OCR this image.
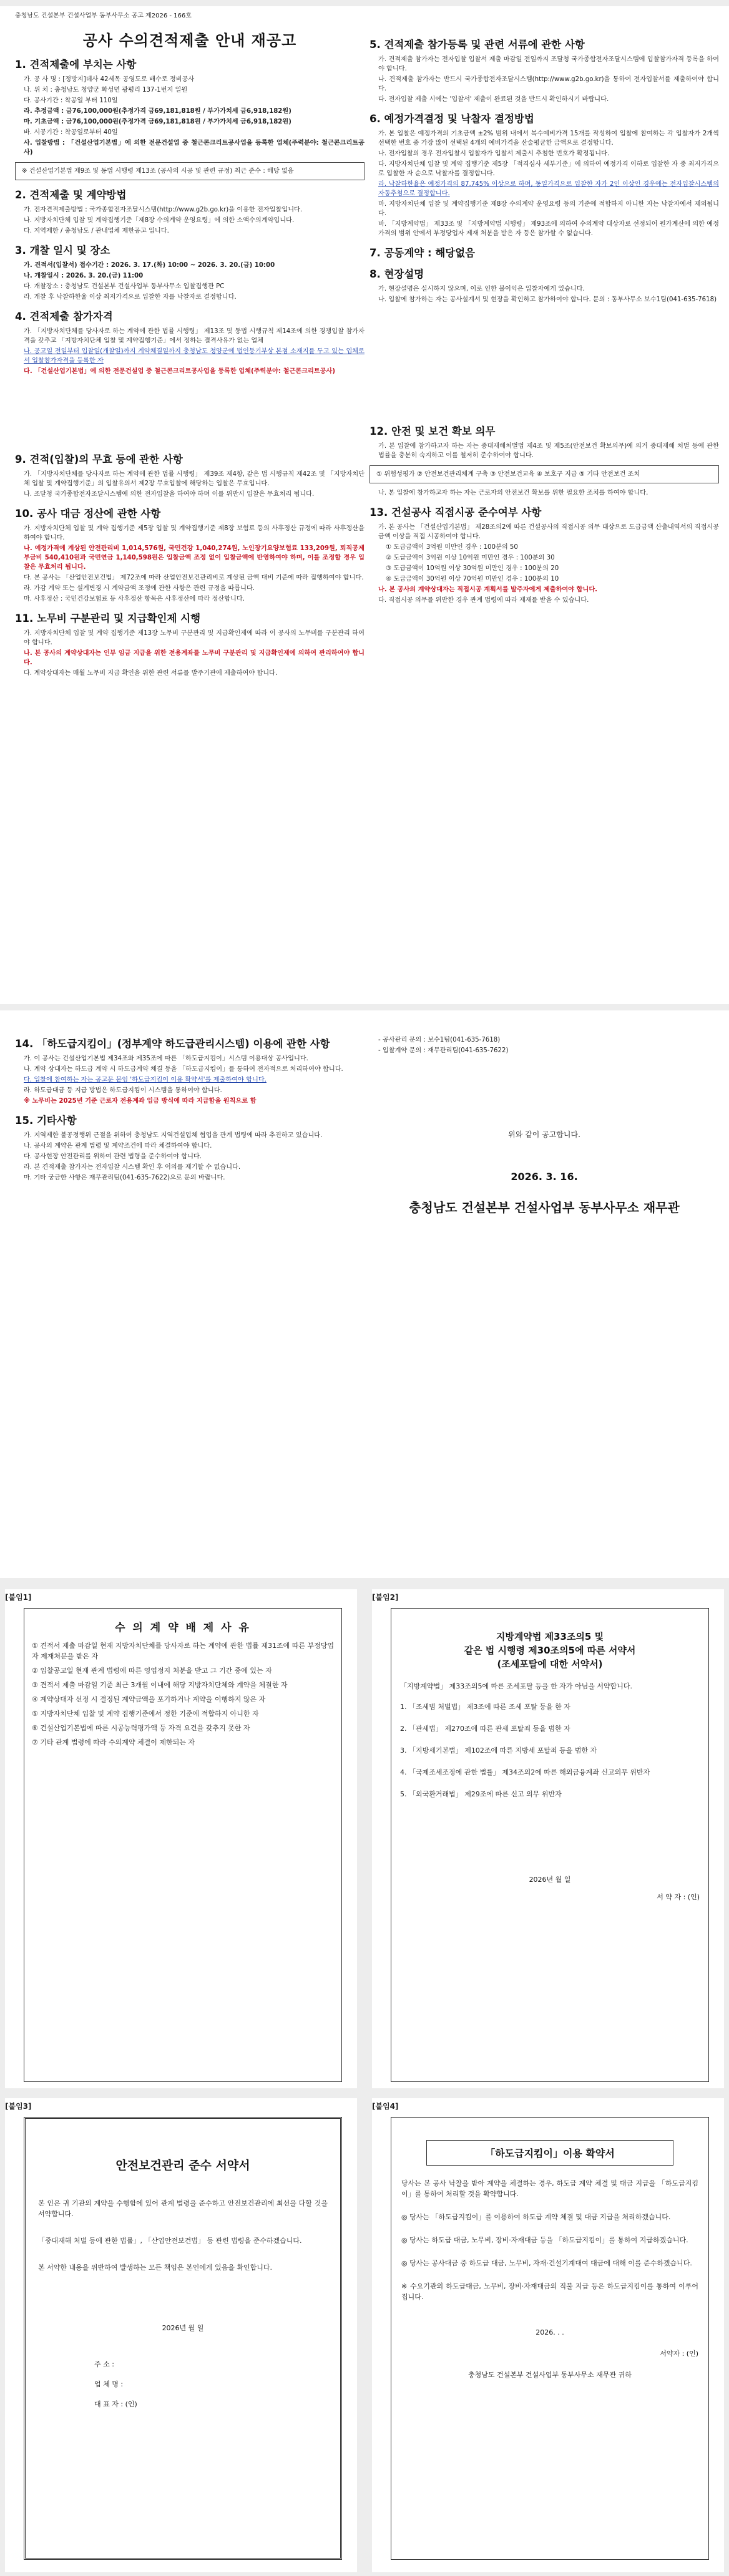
충청남도 건설본부 건설사업부 동부사무소 공고 제2026 - 166호
공사 수의견적제출 안내 재공고
1. 견적제출에 부치는 사항
가. 공 사 명 : [정방지]데사 42세목 공영도로 배수로 정비공사
나. 위 치 : 충청남도 청양군 화성면 광평리 137-1번지 일원
다. 공사기간 : 착공일 부터 110일
라. 추정금액 : 금76,100,000원(추정가격 금69,181,818원 / 부가가치세 금6,918,182원)
마. 기초금액 : 금76,100,000원(추정가격 금69,181,818원 / 부가가치세 금6,918,182원)
바. 시공기간 : 착공일로부터 40일
사. 입찰방법 : 「건설산업기본법」에 의한 전문건설업 중 철근콘크리트공사업을 등록한 업체(주력분야: 철근콘크리트공사)
※ 건설산업기본법 제9조 및 동법 시행령 제13조 (공사의 시공 및 관련 규정) 최근 준수 : 해당 없음
2. 견적제출 및 계약방법
가. 전자견적제출방법 : 국가종합전자조달시스템(http://www.g2b.go.kr)을 이용한 전자입찰입니다.
나. 지방자치단체 입찰 및 계약집행기준「제8장 수의계약 운영요령」에 의한 소액수의계약입니다.
다. 지역제한 / 충청남도 / 관내업체 제한공고 입니다.
3. 개찰 일시 및 장소
가. 견적서(입찰서) 접수기간 : 2026. 3. 17.(화) 10:00 ~ 2026. 3. 20.(금) 10:00
나. 개찰일시 : 2026. 3. 20.(금) 11:00
다. 개찰장소 : 충청남도 건설본부 건설사업부 동부사무소 입찰집행관 PC
라. 개찰 후 낙찰하한율 이상 최저가격으로 입찰한 자를 낙찰자로 결정합니다.
4. 견적제출 참가자격
가. 「지방자치단체를 당사자로 하는 계약에 관한 법률 시행령」 제13조 및 동법 시행규칙 제14조에 의한 경쟁입찰 참가자격을 갖추고 「지방자치단체 입찰 및 계약집행기준」에서 정하는 결격사유가 없는 업체
나. 공고일 전일부터 입찰일(개찰일)까지 계약체결일까지 충청남도 청양군에 법인등기부상 본점 소재지를 두고 있는 업체로서 입찰참가자격을 등록한 자
다. 「건설산업기본법」에 의한 전문건설업 중 철근콘크리트공사업을 등록한 업체(주력분야: 철근콘크리트공사)
9. 견적(입찰)의 무효 등에 관한 사항
가. 「지방자치단체를 당사자로 하는 계약에 관한 법률 시행령」 제39조 제4항, 같은 법 시행규칙 제42조 및 「지방자치단체 입찰 및 계약집행기준」의 입찰유의서 제2장 무효입찰에 해당하는 입찰은 무효입니다.
나. 조달청 국가종합전자조달시스템에 의한 전자입찰을 하여야 하며 이를 위반시 입찰은 무효처리 됩니다.
10. 공사 대금 정산에 관한 사항
가. 지방자치단체 입찰 및 계약 집행기준 제5장 입찰 및 계약집행기준 제8장 보험료 등의 사후정산 규정에 따라 사후정산을 하여야 합니다.
나. 예정가격에 계상된 안전관리비 1,014,576원, 국민건강 1,040,274원, 노인장기요양보험료 133,209원, 퇴직공제부금비 540,410원과 국민연금 1,140,598원은 입찰금액 조정 없이 입찰금액에 반영하여야 하며, 이를 조정할 경우 입찰은 무효처리 됩니다.
다. 본 공사는 「산업안전보건법」 제72조에 따라 산업안전보건관리비로 계상된 금액 대비 기준에 따라 집행하여야 합니다.
라. 가감 계약 또는 설계변경 시 계약금액 조정에 관한 사항은 관련 규정을 따릅니다.
마. 사후정산 : 국민건강보험료 등 사후정산 항목은 사후정산에 따라 정산합니다.
11. 노무비 구분관리 및 지급확인제 시행
가. 지방자치단체 입찰 및 계약 집행기준 제13장 노무비 구분관리 및 지급확인제에 따라 이 공사의 노무비를 구분관리 하여야 합니다.
나. 본 공사의 계약상대자는 인부 임금 지급을 위한 전용계좌를 노무비 구분관리 및 지급확인제에 의하여 관리하여야 합니다.
다. 계약상대자는 매월 노무비 지급 확인을 위한 관련 서류를 발주기관에 제출하여야 합니다.
5. 견적제출 참가등록 및 관련 서류에 관한 사항
가. 견적제출 참가자는 전자입찰 입찰서 제출 마감일 전일까지 조달청 국가종합전자조달시스템에 입찰참가자격 등록을 하여야 합니다.
나. 견적제출 참가자는 반드시 국가종합전자조달시스템(http://www.g2b.go.kr)을 통하여 전자입찰서를 제출하여야 합니다.
다. 전자입찰 제출 시에는 '입찰서' 제출이 완료된 것을 반드시 확인하시기 바랍니다.
6. 예정가격결정 및 낙찰자 결정방법
가. 본 입찰은 예정가격의 기초금액 ±2% 범위 내에서 복수예비가격 15개를 작성하여 입찰에 참여하는 각 입찰자가 2개씩 선택한 번호 중 가장 많이 선택된 4개의 예비가격을 산술평균한 금액으로 결정합니다.
나. 전자입찰의 경우 전자입찰시 입찰자가 입찰서 제출시 추첨한 번호가 확정됩니다.
다. 지방자치단체 입찰 및 계약 집행기준 제5장 「적격심사 세부기준」에 의하여 예정가격 이하로 입찰한 자 중 최저가격으로 입찰한 자 순으로 낙찰자를 결정합니다.
라. 낙찰하한율은 예정가격의 87.745% 이상으로 하며, 동일가격으로 입찰한 자가 2인 이상인 경우에는 전자입찰시스템의 자동추첨으로 결정합니다.
마. 지방자치단체 입찰 및 계약집행기준 제8장 수의계약 운영요령 등의 기준에 적합하지 아니한 자는 낙찰자에서 제외됩니다.
바. 「지방계약법」 제33조 및 「지방계약법 시행령」 제93조에 의하여 수의계약 대상자로 선정되어 원가계산에 의한 예정가격의 범위 안에서 부정당업자 제재 처분을 받은 자 등은 참가할 수 없습니다.
7. 공동계약 : 해당없음
8. 현장설명
가. 현장설명은 실시하지 않으며, 이로 인한 불이익은 입찰자에게 있습니다.
나. 입찰에 참가하는 자는 공사설계서 및 현장을 확인하고 참가하여야 합니다. 문의 : 동부사무소 보수1팀(041-635-7618)
12. 안전 및 보건 확보 의무
가. 본 입찰에 참가하고자 하는 자는 중대재해처벌법 제4조 및 제5조(안전보건 확보의무)에 의거 중대재해 처벌 등에 관한 법률을 충분히 숙지하고 이를 철저히 준수하여야 합니다.
① 위험성평가 ② 안전보건관리체계 구축 ③ 안전보건교육 ④ 보호구 지급 ⑤ 기타 안전보건 조치
나. 본 입찰에 참가하고자 하는 자는 근로자의 안전보건 확보를 위한 필요한 조치를 하여야 합니다.
13. 건설공사 직접시공 준수여부 사항
가. 본 공사는 「건설산업기본법」 제28조의2에 따른 건설공사의 직접시공 의무 대상으로 도급금액 산출내역서의 직접시공 금액 이상을 직접 시공하여야 합니다.
① 도급금액이 3억원 미만인 경우 : 100분의 50
② 도급금액이 3억원 이상 10억원 미만인 경우 : 100분의 30
③ 도급금액이 10억원 이상 30억원 미만인 경우 : 100분의 20
④ 도급금액이 30억원 이상 70억원 미만인 경우 : 100분의 10
나. 본 공사의 계약상대자는 직접시공 계획서를 발주자에게 제출하여야 합니다.
다. 직접시공 의무를 위반한 경우 관계 법령에 따라 제재를 받을 수 있습니다.
14. 「하도급지킴이」(정부계약 하도급관리시스템) 이용에 관한 사항
가. 이 공사는 건설산업기본법 제34조와 제35조에 따른 「하도급지킴이」시스템 이용대상 공사입니다.
나. 계약 상대자는 하도급 계약 시 하도급계약 체결 등을 「하도급지킴이」를 통하여 전자적으로 처리하여야 합니다.
다. 입찰에 참여하는 자는 공고문 붙임 '하도급지킴이 이용 확약서'를 제출하여야 합니다.
라. 하도급대금 등 지급 방법은 하도급지킴이 시스템을 통하여야 합니다.
※ 노무비는 2025년 기준 근로자 전용계좌 입금 방식에 따라 지급함을 원칙으로 함
15. 기타사항
가. 지역제한 불공정행위 근절을 위하여 충청남도 지역건설업체 협업을 관계 법령에 따라 추진하고 있습니다.
나. 공사의 계약은 관계 법령 및 계약조건에 따라 체결하여야 합니다.
다. 공사현장 안전관리를 위하여 관련 법령을 준수하여야 합니다.
라. 본 견적제출 참가자는 전자입찰 시스템 확인 후 이의를 제기할 수 없습니다.
마. 기타 궁금한 사항은 재무관리팀(041-635-7622)으로 문의 바랍니다.
- 공사관리 문의 : 보수1팀(041-635-7618)
- 입찰계약 문의 : 재무관리팀(041-635-7622)
위와 같이 공고합니다.
2026. 3. 16.
충청남도 건설본부 건설사업부 동부사무소 재무관
[붙임1]
수 의 계 약 배 제 사 유
① 견적서 제출 마감일 현재 지방자치단체를 당사자로 하는 계약에 관한 법률 제31조에 따른 부정당업자 제재처분을 받은 자
② 입찰공고일 현재 관계 법령에 따른 영업정지 처분을 받고 그 기간 중에 있는 자
③ 견적서 제출 마감일 기준 최근 3개월 이내에 해당 지방자치단체와 계약을 체결한 자
④ 계약상대자 선정 시 결정된 계약금액을 포기하거나 계약을 이행하지 않은 자
⑤ 지방자치단체 입찰 및 계약 집행기준에서 정한 기준에 적합하지 아니한 자
⑥ 건설산업기본법에 따른 시공능력평가액 등 자격 요건을 갖추지 못한 자
⑦ 기타 관계 법령에 따라 수의계약 체결이 제한되는 자
[붙임2]
지방계약법 제33조의5 및
같은 법 시행령 제30조의5에 따른 서약서
(조세포탈에 대한 서약서)
「지방계약법」 제33조의5에 따른 조세포탈 등을 한 자가 아님을 서약합니다.
1. 「조세범 처벌법」 제3조에 따른 조세 포탈 등을 한 자
2. 「관세법」 제270조에 따른 관세 포탈죄 등을 범한 자
3. 「지방세기본법」 제102조에 따른 지방세 포탈죄 등을 범한 자
4. 「국제조세조정에 관한 법률」 제34조의2에 따른 해외금융계좌 신고의무 위반자
5. 「외국환거래법」 제29조에 따른 신고 의무 위반자
2026년 월 일
서 약 자 : (인)
[붙임3]
안전보건관리 준수 서약서
본 인은 귀 기관의 계약을 수행함에 있어 관계 법령을 준수하고 안전보건관리에 최선을 다할 것을 서약합니다.
「중대재해 처벌 등에 관한 법률」, 「산업안전보건법」 등 관련 법령을 준수하겠습니다.
본 서약한 내용을 위반하여 발생하는 모든 책임은 본인에게 있음을 확인합니다.
2026년 월 일
주 소 :
업 체 명 :
대 표 자 : (인)
[붙임4]
「하도급지킴이」이용 확약서
당사는 본 공사 낙찰을 받아 계약을 체결하는 경우, 하도급 계약 체결 및 대금 지급을 「하도급지킴이」를 통하여 처리할 것을 확약합니다.
◎ 당사는 「하도급지킴이」를 이용하여 하도급 계약 체결 및 대금 지급을 처리하겠습니다.
◎ 당사는 하도급 대금, 노무비, 장비·자재대금 등을 「하도급지킴이」를 통하여 지급하겠습니다.
◎ 당사는 공사대금 중 하도급 대금, 노무비, 자재·건설기계대여 대금에 대해 이를 준수하겠습니다.
※ 수요기관의 하도급대금, 노무비, 장비·자재대금의 직불 지급 등은 하도급지킴이를 통하여 이루어집니다.
2026. . .
서약자 : (인)
충청남도 건설본부 건설사업부 동부사무소 재무관 귀하
